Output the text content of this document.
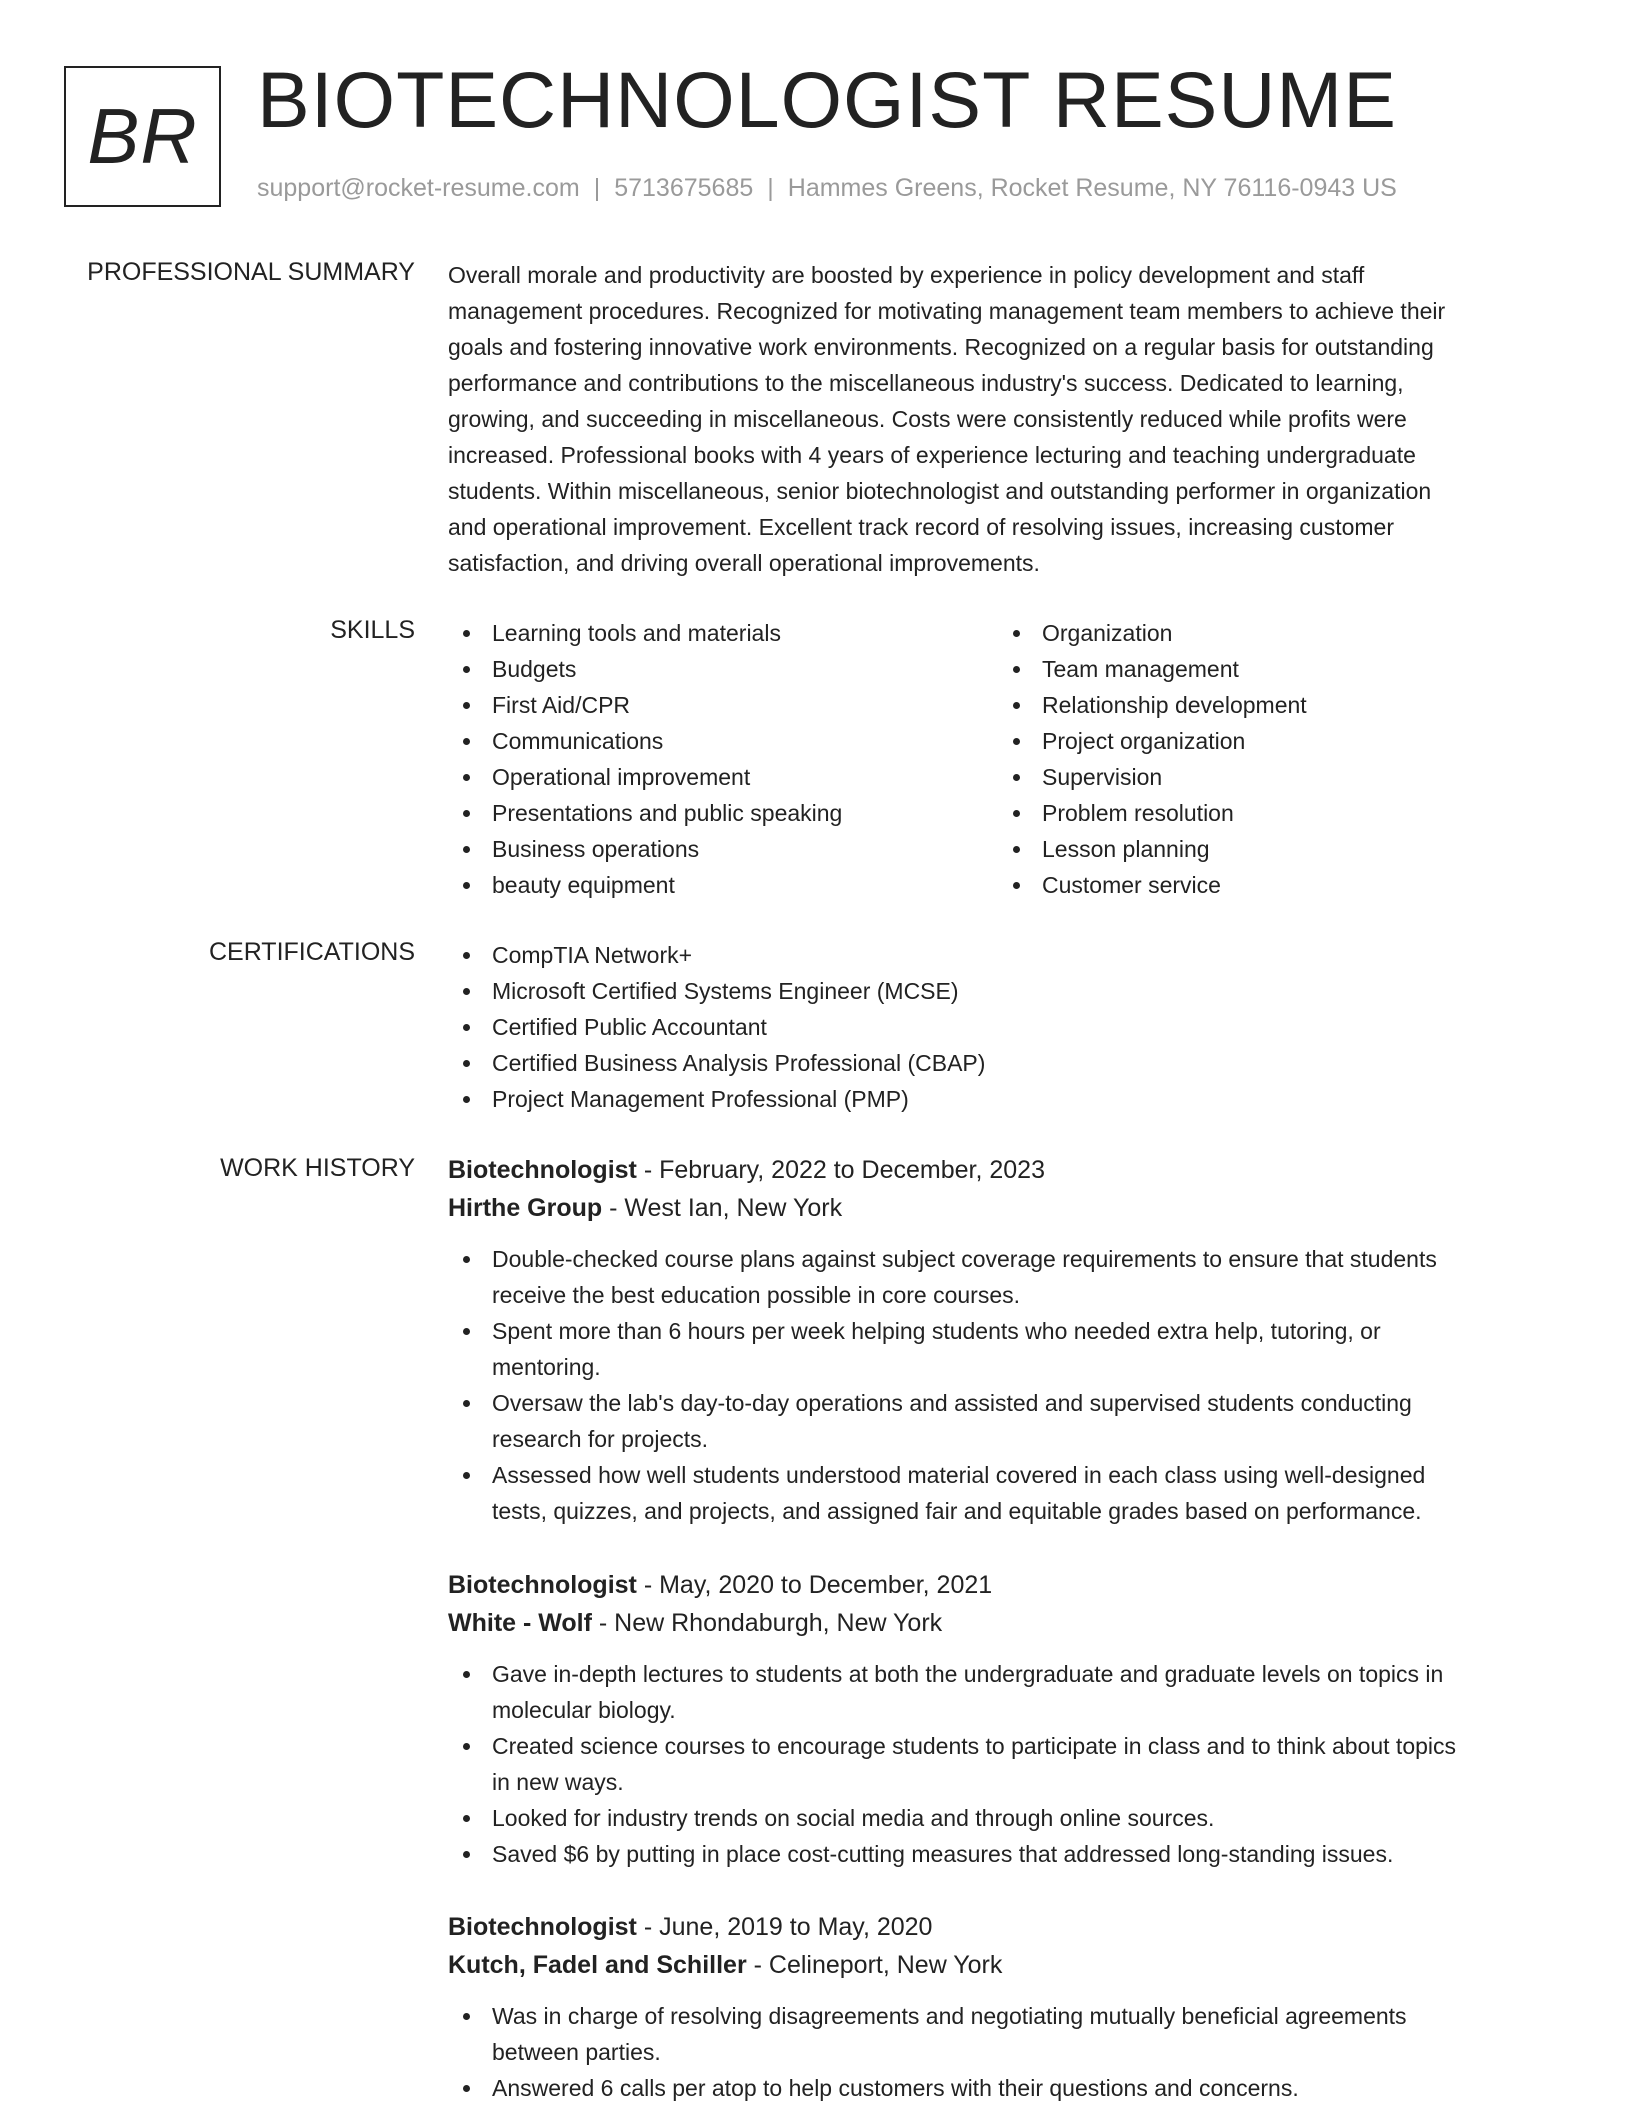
BR BIOTECHNOLOGIST RESUME
support@rocket-resume.com | 5713675685 | Hammes Greens, Rocket Resume, NY 76116-0943 US
PROFESSIONAL SUMMARY Overall morale and productivity are boosted by experience in policy development and staff

management procedures. Recognized for motivating management team members to achieve their

goals and fostering innovative work environments. Recognized on a regular basis for outstanding

performance and contributions to the miscellaneous industry's success. Dedicated to learning,

growing, and succeeding in miscellaneous. Costs were consistently reduced while profits were

increased. Professional books with 4 years of experience lecturing and teaching undergraduate

students. Within miscellaneous, senior biotechnologist and outstanding performer in organization

and operational improvement. Excellent track record of resolving issues, increasing customer

satisfaction, and driving overall operational improvements.

SKILLS	Learning tools and materials
Budgets
First Aid/CPR
Communications
Operational improvement
Presentations and public speaking
Business operations
beauty equipment
Organization
Team management
Relationship development
Project organization
Supervision
Problem resolution
Lesson planning
Customer service
CERTIFICATIONS	CompTIA Network+
Microsoft Certified Systems Engineer (MCSE)
Certified Public Accountant
Certified Business Analysis Professional (CBAP)
Project Management Professional (PMP)
WORK HISTORY Biotechnologist - February, 2022 to December, 2023
Hirthe Group - West Ian, New York
Double-checked course plans against subject coverage requirements to ensure that students
receive the best education possible in core courses.
Spent more than 6 hours per week helping students who needed extra help, tutoring, or
mentoring.
Oversaw the lab's day-to-day operations and assisted and supervised students conducting
research for projects.
Assessed how well students understood material covered in each class using well-designed
tests, quizzes, and projects, and assigned fair and equitable grades based on performance.
Biotechnologist - May, 2020 to December, 2021
White - Wolf - New Rhondaburgh, New York
Gave in-depth lectures to students at both the undergraduate and graduate levels on topics in
molecular biology.
Created science courses to encourage students to participate in class and to think about topics
in new ways.
Looked for industry trends on social media and through online sources.
Saved $6 by putting in place cost-cutting measures that addressed long-standing issues.
Biotechnologist - June, 2019 to May, 2020
Kutch, Fadel and Schiller - Celineport, New York
Was in charge of resolving disagreements and negotiating mutually beneficial agreements
between parties.
Answered 6 calls per atop to help customers with their questions and concerns.
